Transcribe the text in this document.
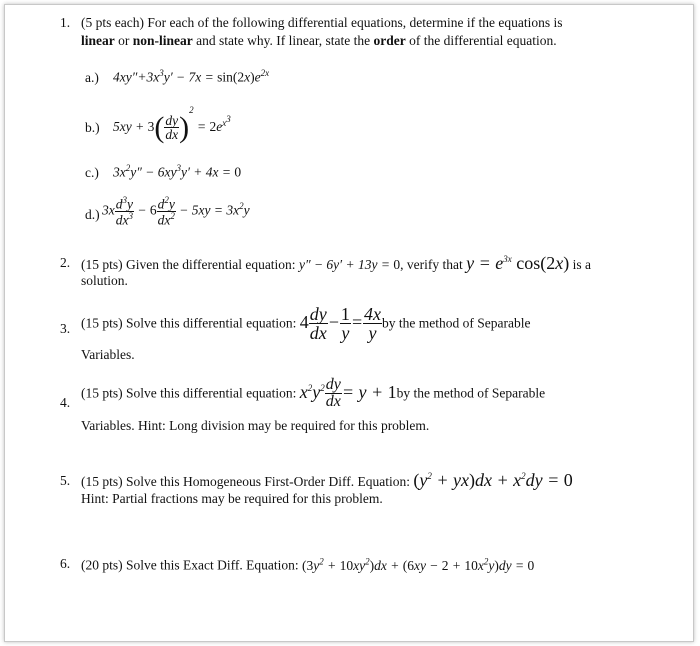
1. (5 pts each) For each of the following differential equations, determine if the equations is
linear or non-linear and state why. If linear, state the order of the differential equation.
a.) $4xy''+3x^3y' - 7x = \sin(2x)e^{2x}$
b.) $5xy + 3( \frac{dy}{dx} )^2 = 2e^{x^3}$
c.) $3x^2y'' - 6xy^3y' + 4x = 0$
d.) $3x \frac{d^3y}{dx^3} - 6 \frac{d^2y}{dx^2} - 5xy = 3x^2y$
2. (15 pts) Given the differential equation: y″ − 6y′ + 13y = 0, verify that $y = e^{3x}$ cos(2x) is a
solution.
3. (15 pts) Solve this differential equation: $4 \frac{dy}{dx} - \frac{1}{y} = \frac{4x}{y}$ by the method of Separable
Variables.
4.
(15 pts) Solve this differential equation: $x^2y^2 \frac{dy}{dx} = y + 1by$ the method of Separable
Variables. Hint: Long division may be required for this problem.
5. (15 pts) Solve this Homogeneous First-Order Diff. Equation: $(y^2 + yx)dx + x^2dy = 0$
Hint: Partial fractions may be required for this problem.
6. (20 pts) Solve this Exact Diff. Equation: $(3y^2 + 10xy^2)dx + (6xy - 2 + 10x^2y)dy = 0$
